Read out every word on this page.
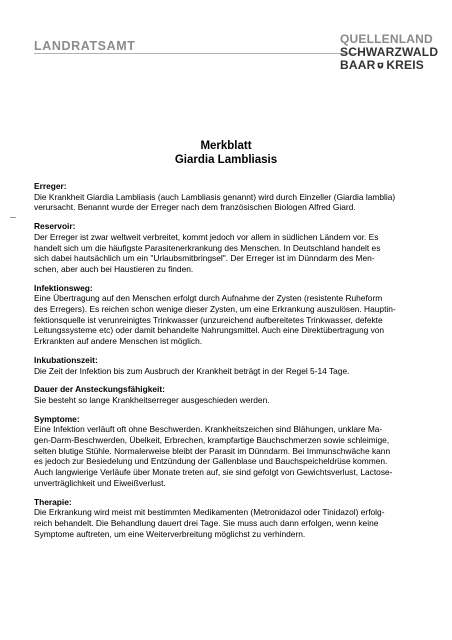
LANDRATSAMT	QUELLENLAND
SCHWARZWALD
BAAR KREIS
Merkblatt
Giardia Lambliasis
Erreger:

Die Krankheit Giardia Lambliasis (auch Lambliasis genannt) wird durch Einzeller (Giardia lamblia)
verursacht. Benannt wurde der Erreger nach dem französischen Biologen Alfred Giard.

Reservoir:

Der Erreger ist zwar weltweit verbreitet, kommt jedoch vor allem in südlichen Ländern vor. Es
handelt sich um die häufigste Parasitenerkrankung des Menschen. In Deutschland handelt es
sich dabei hautsächlich um ein "Urlaubsmitbringsel". Der Erreger ist im Dünndarm des Men-
schen, aber auch bei Haustieren zu finden.

Infektionsweg:

Eine Übertragung auf den Menschen erfolgt durch Aufnahme der Zysten (resistente Ruheform
des Erregers). Es reichen schon wenige dieser Zysten, um eine Erkrankung auszulösen. Hauptin-
fektionsquelle ist verunreinigtes Trinkwasser (unzureichend aufbereitetes Trinkwasser, defekte
Leitungssysteme etc) oder damit behandelte Nahrungsmittel. Auch eine Direktübertragung von
Erkrankten auf andere Menschen ist möglich.

Inkubationszeit:

Die Zeit der Infektion bis zum Ausbruch der Krankheit beträgt in der Regel 5-14 Tage.

Dauer der Ansteckungsfähigkeit:

Sie besteht so lange Krankheitserreger ausgeschieden werden.

Symptome:

Eine Infektion verläuft oft ohne Beschwerden. Krankheitszeichen sind Blähungen, unklare Ma-
gen-Darm-Beschwerden, Übelkeit, Erbrechen, krampfartige Bauchschmerzen sowie schleimige,
selten blutige Stühle. Normalerweise bleibt der Parasit im Dünndarm. Bei Immunschwäche kann
es jedoch zur Besiedelung und Entzündung der Gallenblase und Bauchspeicheldrüse kommen.
Auch langwierige Verläufe über Monate treten auf, sie sind gefolgt von Gewichtsverlust, Lactose-
unverträglichkeit und Eiweißverlust.

Therapie:

Die Erkrankung wird meist mit bestimmten Medikamenten (Metronidazol oder Tinidazol) erfolg-
reich behandelt. Die Behandlung dauert drei Tage. Sie muss auch dann erfolgen, wenn keine
Symptome auftreten, um eine Weiterverbreitung möglichst zu verhindern.
